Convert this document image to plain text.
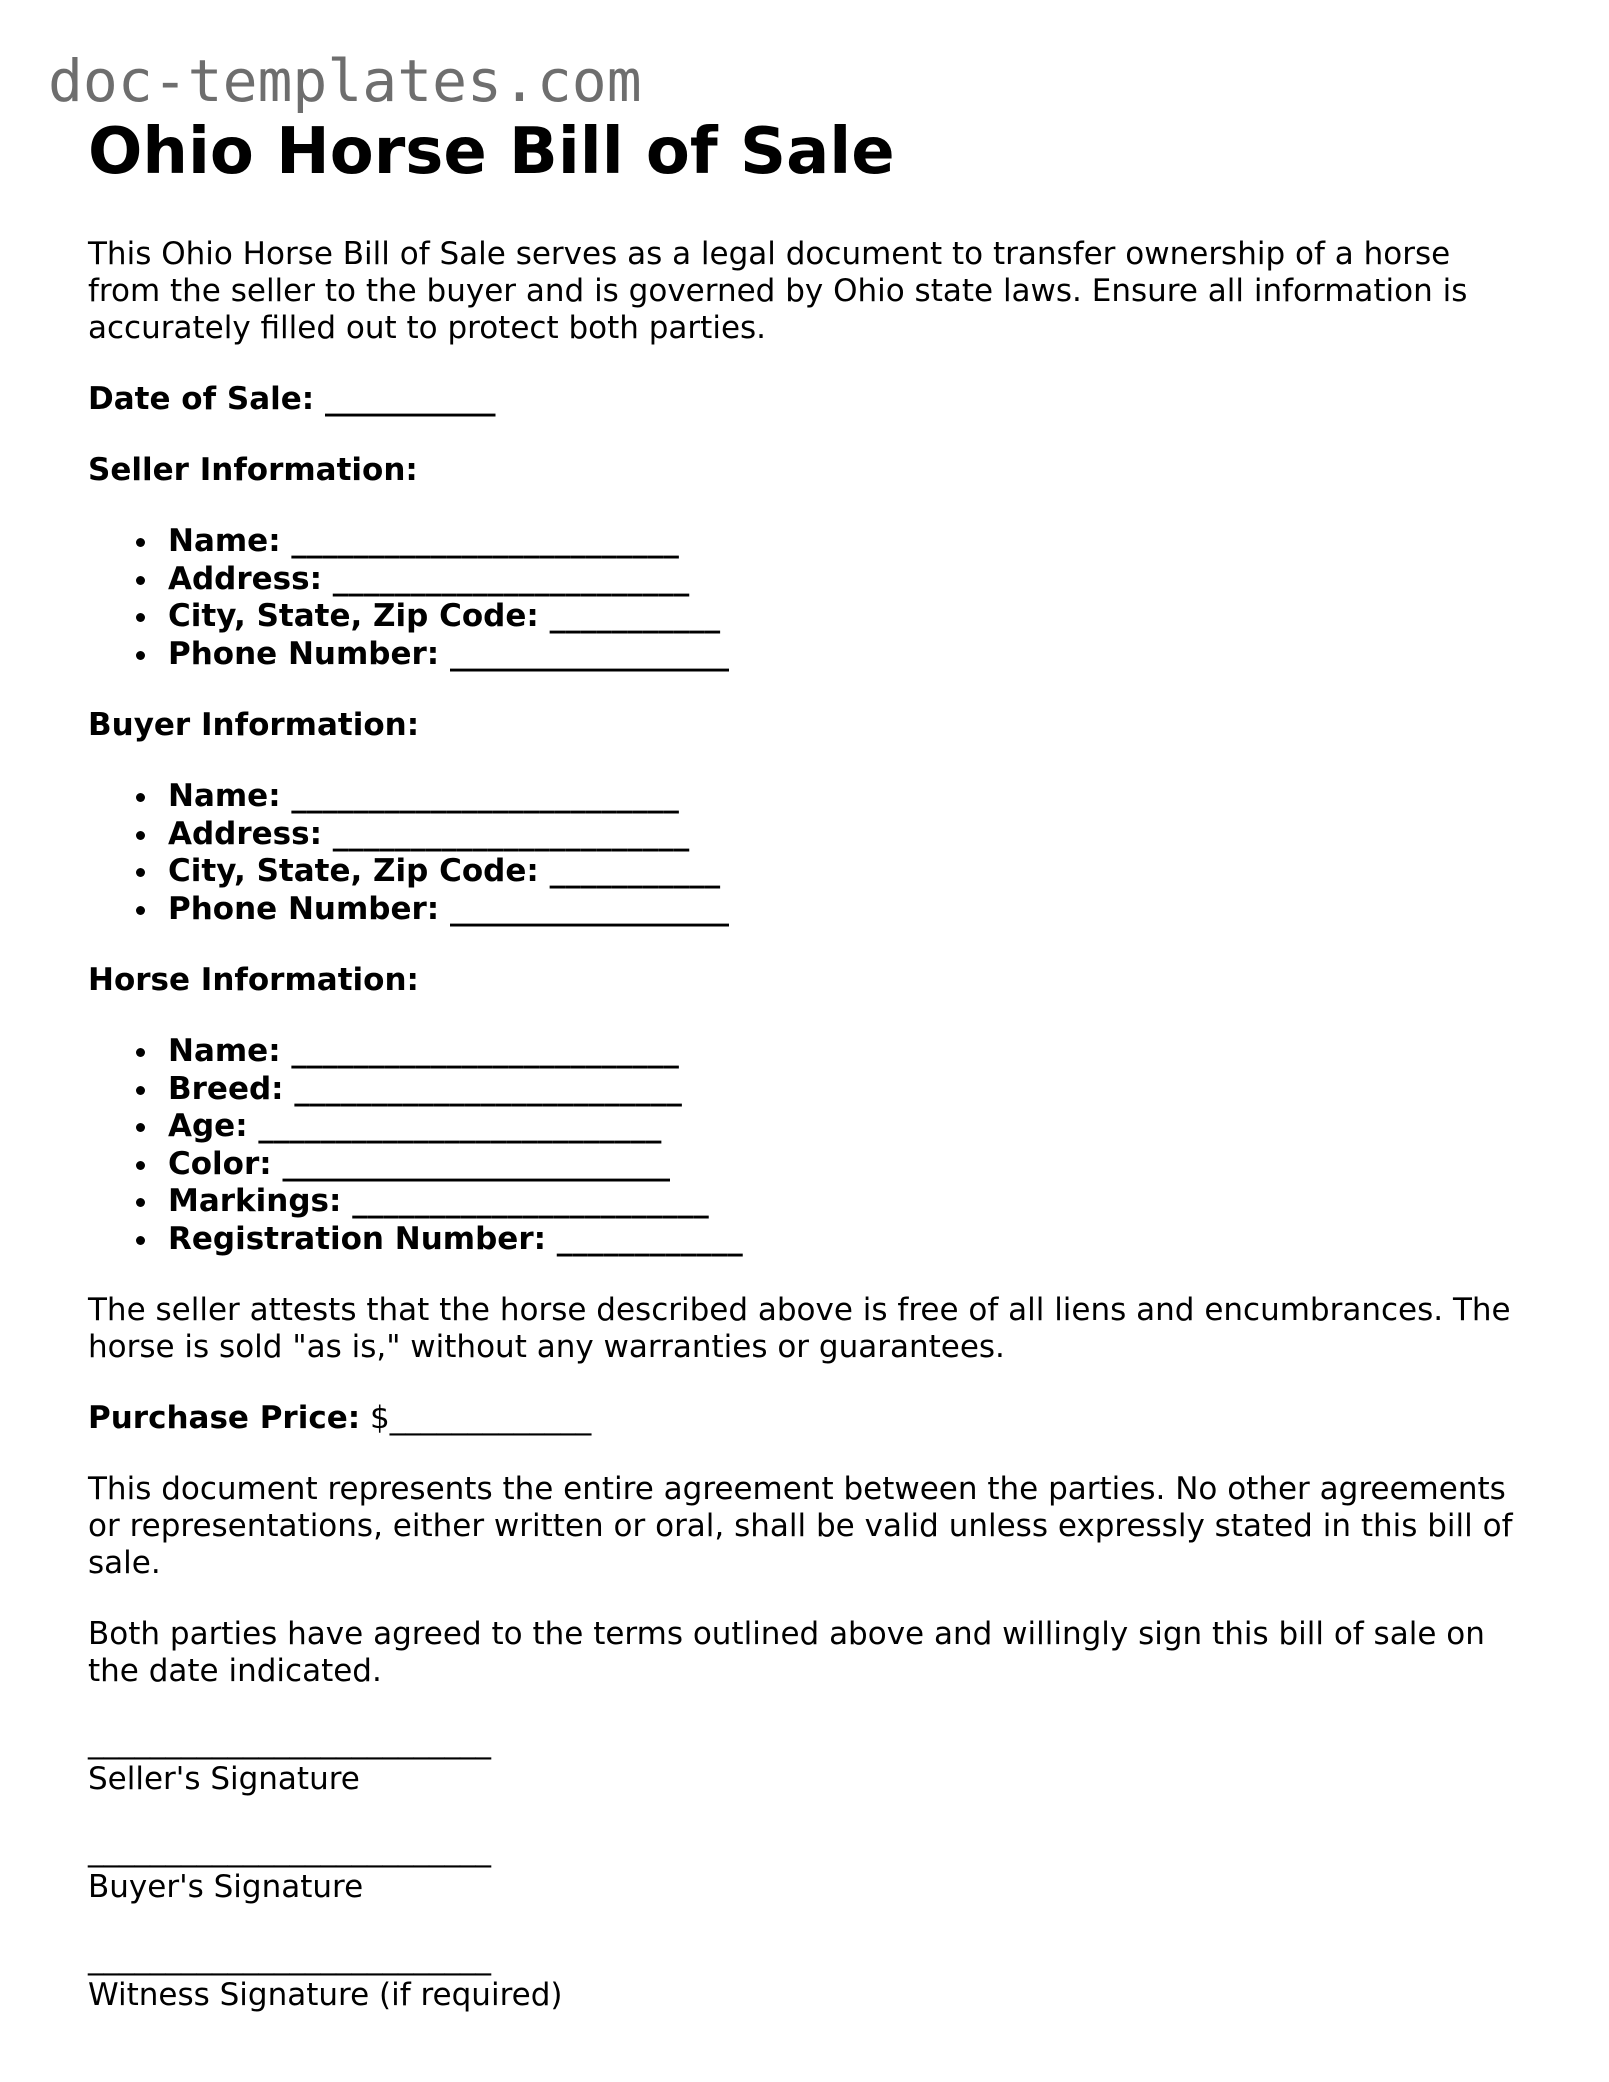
doc-templates.com
Ohio Horse Bill of Sale

This Ohio Horse Bill of Sale serves as a legal document to transfer ownership of a horse from the seller to the buyer and is governed by Ohio state laws. Ensure all information is accurately filled out to protect both parties.

Date of Sale: ___________

Seller Information:
Name: _________________________
Address: _______________________
City, State, Zip Code: ___________
Phone Number: __________________
Buyer Information:
Name: _________________________
Address: _______________________
City, State, Zip Code: ___________
Phone Number: __________________
Horse Information:
Name: _________________________
Breed: _________________________
Age: __________________________
Color: _________________________
Markings: _______________________
Registration Number: ____________

The seller attests that the horse described above is free of all liens and encumbrances. The horse is sold "as is," without any warranties or guarantees.

Purchase Price: $_____________

This document represents the entire agreement between the parties. No other agreements or representations, either written or oral, shall be valid unless expressly stated in this bill of sale.

Both parties have agreed to the terms outlined above and willingly sign this bill of sale on the date indicated.

__________________________
Seller's Signature
__________________________
Buyer's Signature
__________________________
Witness Signature (if required)
